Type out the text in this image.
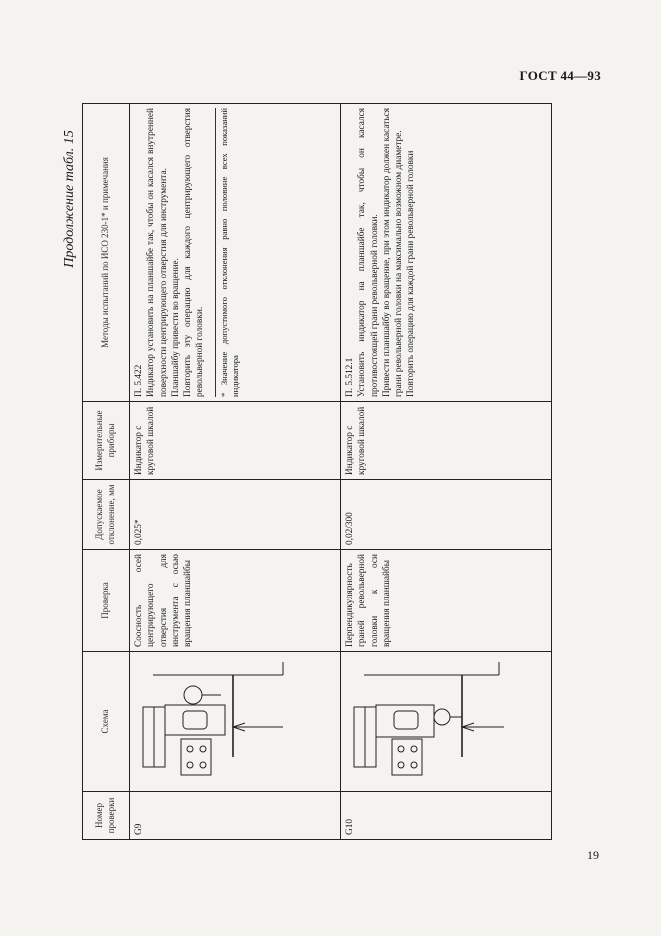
ГОСТ 44—93
Продолжение табл. 15
Номер проверки	Схема	Проверка	Допускаемое отклонение, мм	Измерительные приборы	Методы испытаний по ИСО 230-1* и примечания
G9		Соосность осей центрирующего отверстия для инструмента с осью вращения планшайбы	0,025*	Индикатор с круговой шкалой	П. 5.422 Индикатор установить на планшайбе так, чтобы он касался внутренней поверхности центрирующего отверстия для инструмента. Планшайбу привести во вращение. Повторить эту операцию для каждого центрирующего отверстия револьверной головки. * Значение допустимого отклонения равно половине всех показаний индикатора

G10		Перпендикулярность граней револьверной головки к оси вращения планшайбы	0,02/300	Индикатор с круговой шкалой	П. 5.512.1 Установить индикатор на планшайбе так, чтобы он касался противостоящей грани револьверной головки. Привести планшайбу во вращение, при этом индикатор должен касаться грани револьверной головки на максимально возможном диаметре. Повторить операцию для каждой грани револьверной головки

19
